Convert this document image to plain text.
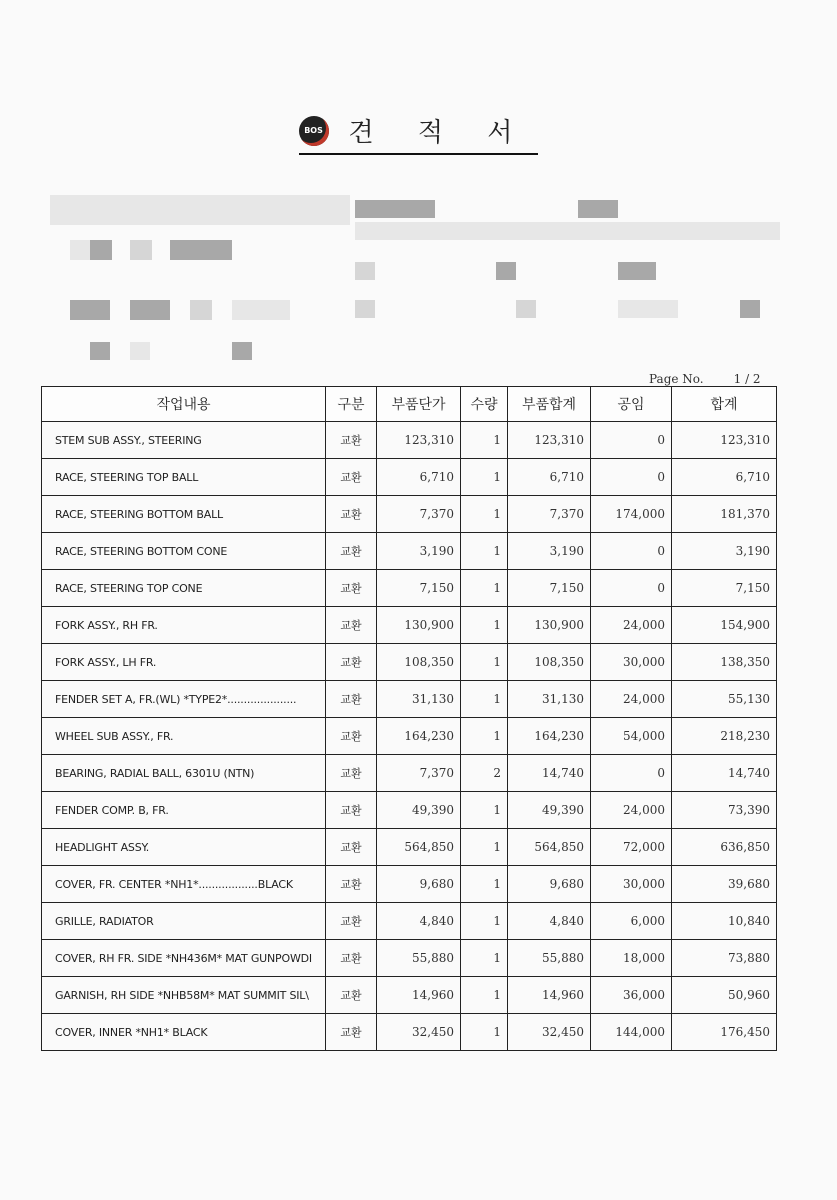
BOS 견 적 서
Page No.	1 / 2
작업내용	구분	부품단가	수량	부품합계	공임	합계
STEM SUB ASSY., STEERING	교환	123,310	1	123,310	0	123,310
RACE, STEERING TOP BALL	교환	6,710	1	6,710	0	6,710
RACE, STEERING BOTTOM BALL	교환	7,370	1	7,370	174,000	181,370
RACE, STEERING BOTTOM CONE	교환	3,190	1	3,190	0	3,190
RACE, STEERING TOP CONE	교환	7,150	1	7,150	0	7,150
FORK ASSY., RH FR.	교환	130,900	1	130,900	24,000	154,900
FORK ASSY., LH FR.	교환	108,350	1	108,350	30,000	138,350
FENDER SET A, FR.(WL) *TYPE2*.....................	교환	31,130	1	31,130	24,000	55,130
WHEEL SUB ASSY., FR.	교환	164,230	1	164,230	54,000	218,230
BEARING, RADIAL BALL, 6301U (NTN)	교환	7,370	2	14,740	0	14,740
FENDER COMP. B, FR.	교환	49,390	1	49,390	24,000	73,390
HEADLIGHT ASSY.	교환	564,850	1	564,850	72,000	636,850
COVER, FR. CENTER *NH1*..................BLACK	교환	9,680	1	9,680	30,000	39,680
GRILLE, RADIATOR	교환	4,840	1	4,840	6,000	10,840
COVER, RH FR. SIDE *NH436M* MAT GUNPOWDI	교환	55,880	1	55,880	18,000	73,880
GARNISH, RH SIDE *NHB58M* MAT SUMMIT SIL\	교환	14,960	1	14,960	36,000	50,960
COVER, INNER *NH1* BLACK	교환	32,450	1	32,450	144,000	176,450
